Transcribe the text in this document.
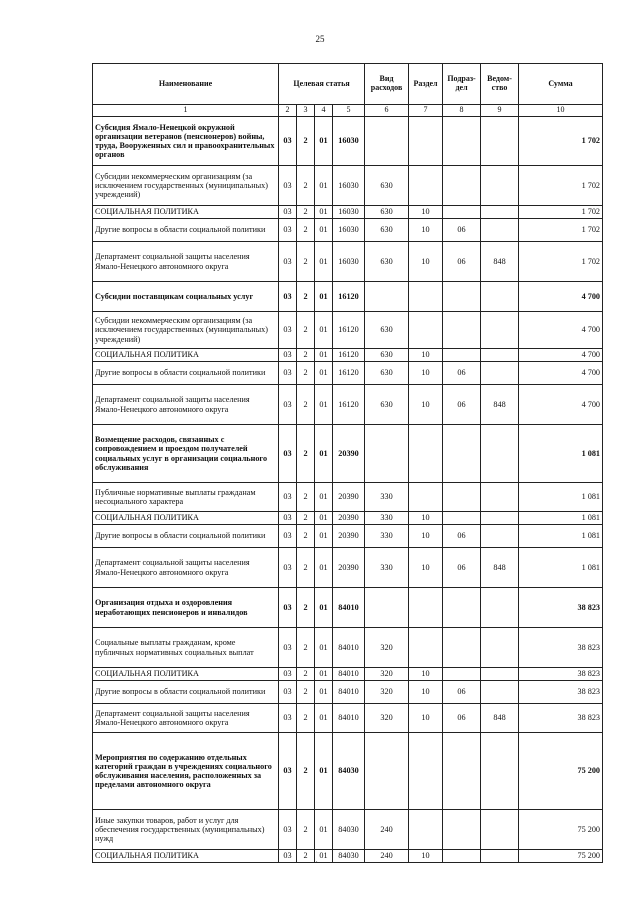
25
Наименование	Целевая статья				Вид расходов	Раздел	Подраз-дел	Ведом-ство	Сумма
1	2	3	4	5	6	7	8	9	10
Субсидия Ямало-Ненецкой окружной организации ветеранов (пенсионеров) войны, труда, Вооруженных сил и правоохранительных органов	03	2	01	16030					1 702
Субсидии некоммерческим организациям (за исключением государственных (муниципальных) учреждений)	03	2	01	16030	630				1 702
СОЦИАЛЬНАЯ ПОЛИТИКА	03	2	01	16030	630	10			1 702
Другие вопросы в области социальной политики	03	2	01	16030	630	10	06		1 702
Департамент социальной защиты населения Ямало-Ненецкого автономного округа	03	2	01	16030	630	10	06	848	1 702
Субсидии поставщикам социальных услуг	03	2	01	16120					4 700
Субсидии некоммерческим организациям (за исключением государственных (муниципальных) учреждений)	03	2	01	16120	630				4 700
СОЦИАЛЬНАЯ ПОЛИТИКА	03	2	01	16120	630	10			4 700
Другие вопросы в области социальной политики	03	2	01	16120	630	10	06		4 700
Департамент социальной защиты населения Ямало-Ненецкого автономного округа	03	2	01	16120	630	10	06	848	4 700
Возмещение расходов, связанных с сопровождением и проездом получателей социальных услуг в организации социального обслуживания	03	2	01	20390					1 081
Публичные нормативные выплаты гражданам несоциального характера	03	2	01	20390	330				1 081
СОЦИАЛЬНАЯ ПОЛИТИКА	03	2	01	20390	330	10			1 081
Другие вопросы в области социальной политики	03	2	01	20390	330	10	06		1 081
Департамент социальной защиты населения Ямало-Ненецкого автономного округа	03	2	01	20390	330	10	06	848	1 081
Организация отдыха и оздоровления неработающих пенсионеров и инвалидов	03	2	01	84010					38 823
Социальные выплаты гражданам, кроме публичных нормативных социальных выплат	03	2	01	84010	320				38 823
СОЦИАЛЬНАЯ ПОЛИТИКА	03	2	01	84010	320	10			38 823
Другие вопросы в области социальной политики	03	2	01	84010	320	10	06		38 823
Департамент социальной защиты населения Ямало-Ненецкого автономного округа	03	2	01	84010	320	10	06	848	38 823
Мероприятия по содержанию отдельных категорий граждан в учреждениях социального обслуживания населения, расположенных за пределами автономного округа	03	2	01	84030					75 200
Иные закупки товаров, работ и услуг для обеспечения государственных (муниципальных) нужд	03	2	01	84030	240				75 200
СОЦИАЛЬНАЯ ПОЛИТИКА	03	2	01	84030	240	10			75 200
.
